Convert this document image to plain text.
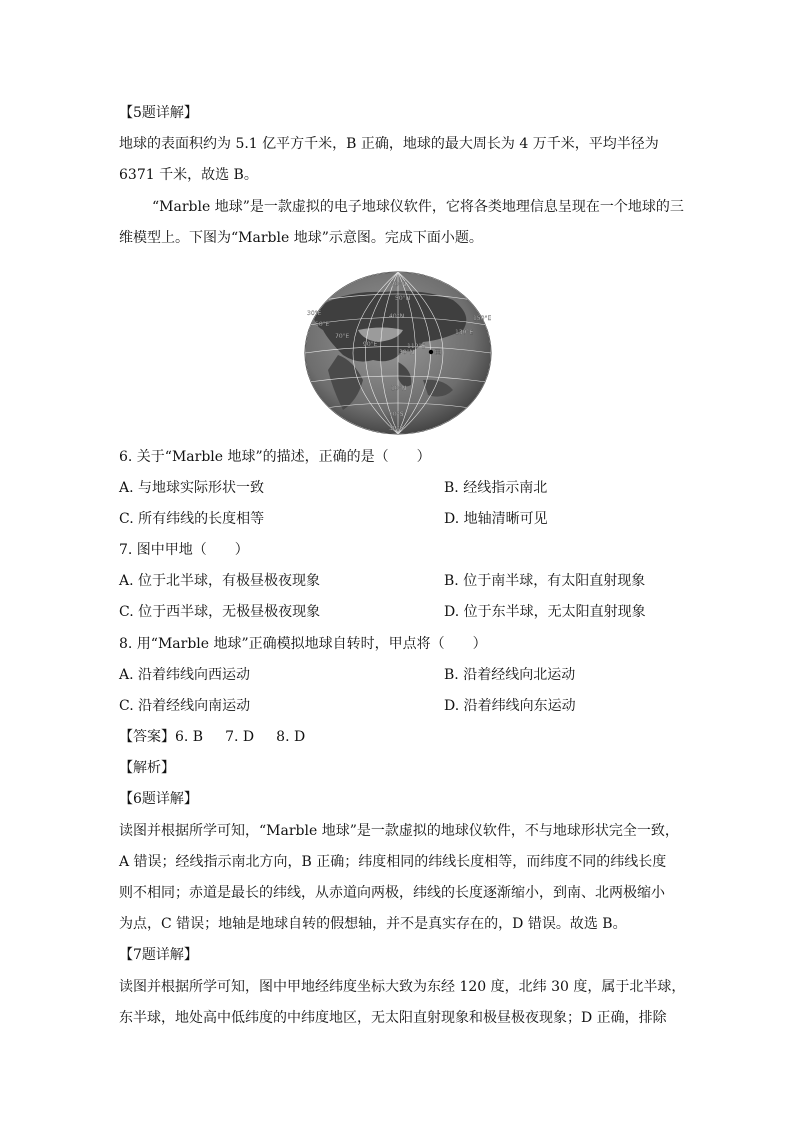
【5题详解】
地球的表面积约为 5.1 亿平方千米，B 正确，地球的最大周长为 4 万千米，平均半径为
6371 千米，故选 B。
“Marble 地球”是一款虚拟的电子地球仪软件，它将各类地理信息呈现在一个地球的三
维模型上。下图为“Marble 地球”示意图。完成下面小题。
70°N
50°N
30°E
50°E
40°N
70°E
90°E	110°E
130°E
150°E
30°N 甲
10°N
10°S
30°S
6. 关于“Marble 地球”的描述，正确的是（　　）
A. 与地球实际形状一致	B. 经线指示南北
C. 所有纬线的长度相等	D. 地轴清晰可见
7. 图中甲地（　　）
A. 位于北半球，有极昼极夜现象	B. 位于南半球，有太阳直射现象
C. 位于西半球，无极昼极夜现象	D. 位于东半球，无太阳直射现象
8. 用“Marble 地球”正确模拟地球自转时，甲点将（　　）
A. 沿着纬线向西运动	B. 沿着经线向北运动
C. 沿着经线向南运动	D. 沿着纬线向东运动
【答案】6. B 7. D 8. D
【解析】
【6题详解】
读图并根据所学可知，“Marble 地球”是一款虚拟的地球仪软件，不与地球形状完全一致，
A 错误；经线指示南北方向，B 正确；纬度相同的纬线长度相等，而纬度不同的纬线长度
则不相同；赤道是最长的纬线，从赤道向两极，纬线的长度逐渐缩小，到南、北两极缩小
为点，C 错误；地轴是地球自转的假想轴，并不是真实存在的，D 错误。故选 B。
【7题详解】
读图并根据所学可知，图中甲地经纬度坐标大致为东经 120 度，北纬 30 度，属于北半球，
东半球，地处高中低纬度的中纬度地区，无太阳直射现象和极昼极夜现象；D 正确，排除
